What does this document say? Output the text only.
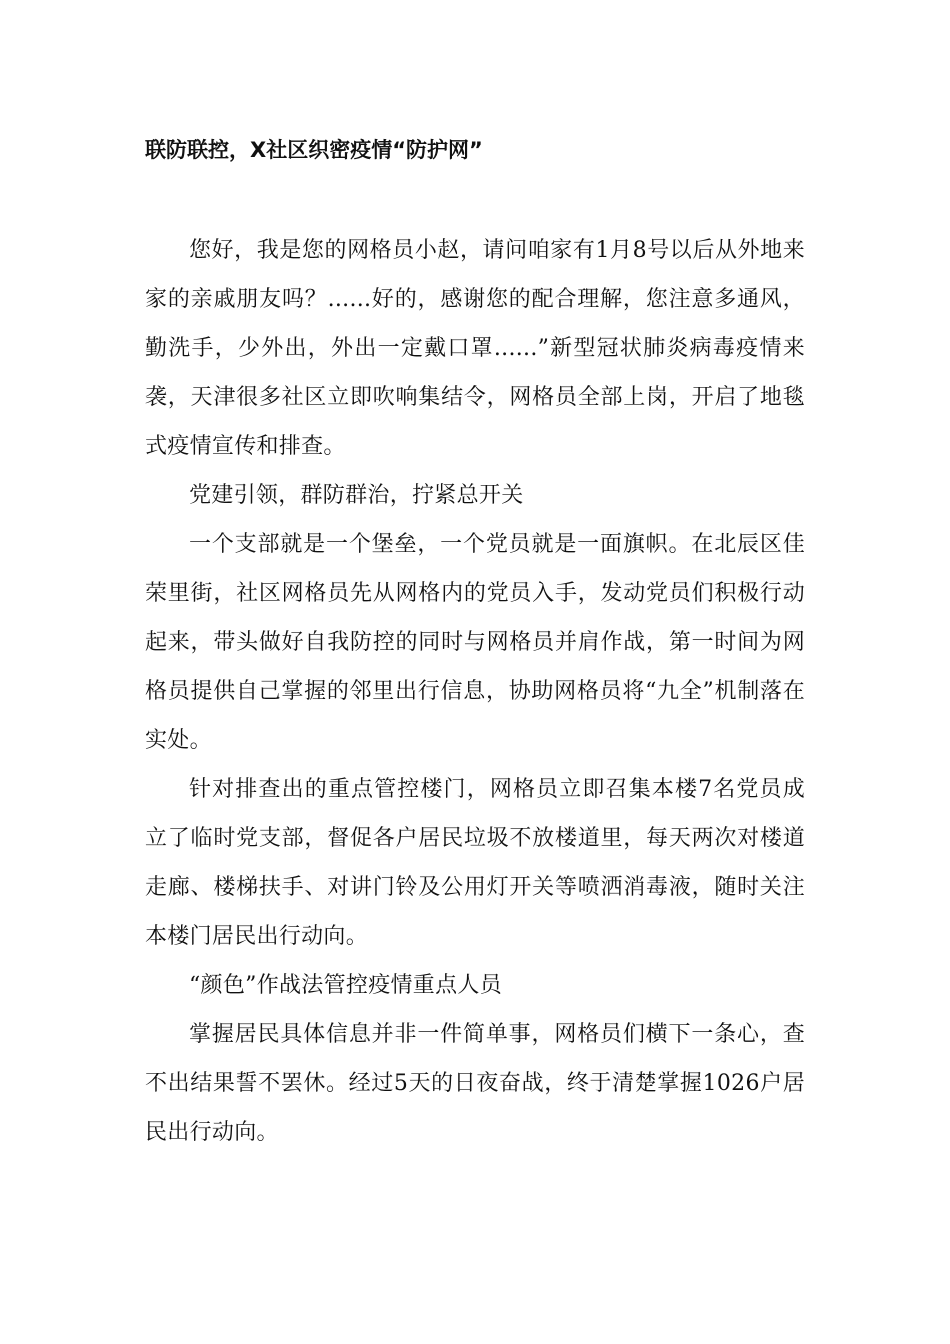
联防联控，X社区织密疫情“防护网”

您好，我是您的网格员小赵，请问咱家有1月8号以后从外地来家的亲戚朋友吗？......好的，感谢您的配合理解，您注意多通风，勤洗手，少外出，外出一定戴口罩......”新型冠状肺炎病毒疫情来袭，天津很多社区立即吹响集结令，网格员全部上岗，开启了地毯式疫情宣传和排查。

党建引领，群防群治，拧紧总开关

一个支部就是一个堡垒，一个党员就是一面旗帜。在北辰区佳荣里街，社区网格员先从网格内的党员入手，发动党员们积极行动起来，带头做好自我防控的同时与网格员并肩作战，第一时间为网格员提供自己掌握的邻里出行信息，协助网格员将“九全”机制落在实处。

针对排查出的重点管控楼门，网格员立即召集本楼7名党员成立了临时党支部，督促各户居民垃圾不放楼道里，每天两次对楼道走廊、楼梯扶手、对讲门铃及公用灯开关等喷洒消毒液，随时关注本楼门居民出行动向。

“颜色”作战法管控疫情重点人员

掌握居民具体信息并非一件简单事，网格员们横下一条心，查不出结果誓不罢休。经过5天的日夜奋战，终于清楚掌握1026户居民出行动向。
